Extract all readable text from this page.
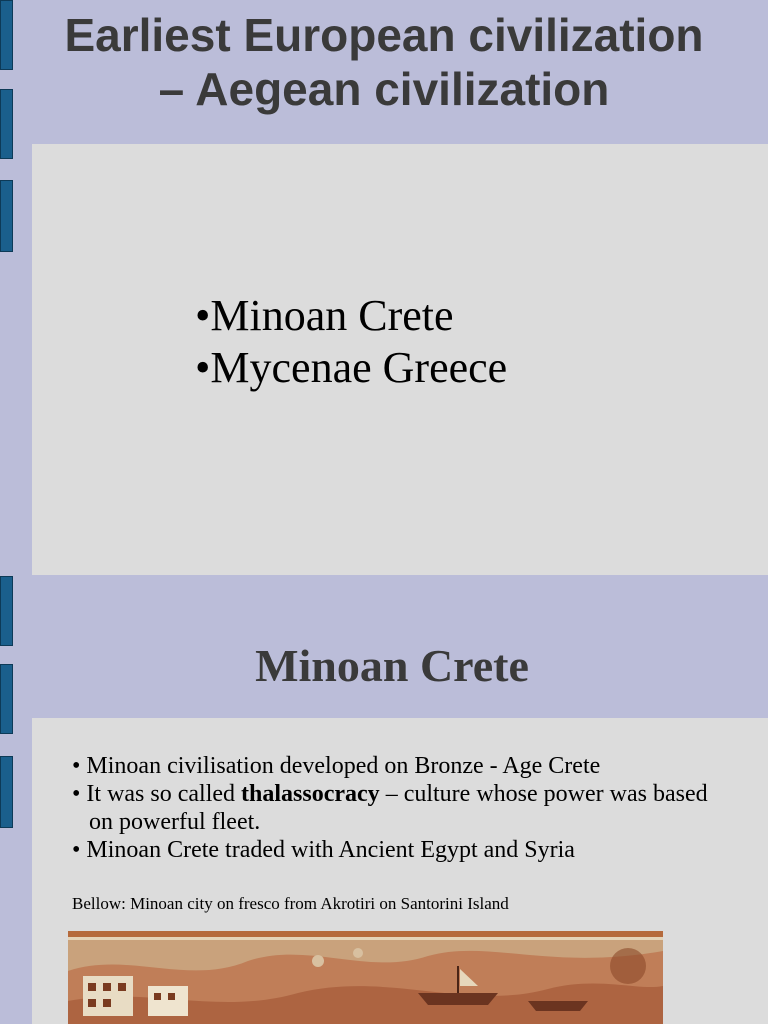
Earliest European civilization – Aegean civilization
•Minoan Crete
•Mycenae Greece
Minoan Crete
• Minoan civilisation developed on Bronze - Age Crete
• It was so called thalassocracy – culture whose power was based on powerful fleet.
• Minoan Crete traded with Ancient Egypt and Syria

Bellow: Minoan city on fresco from Akrotiri on Santorini Island
